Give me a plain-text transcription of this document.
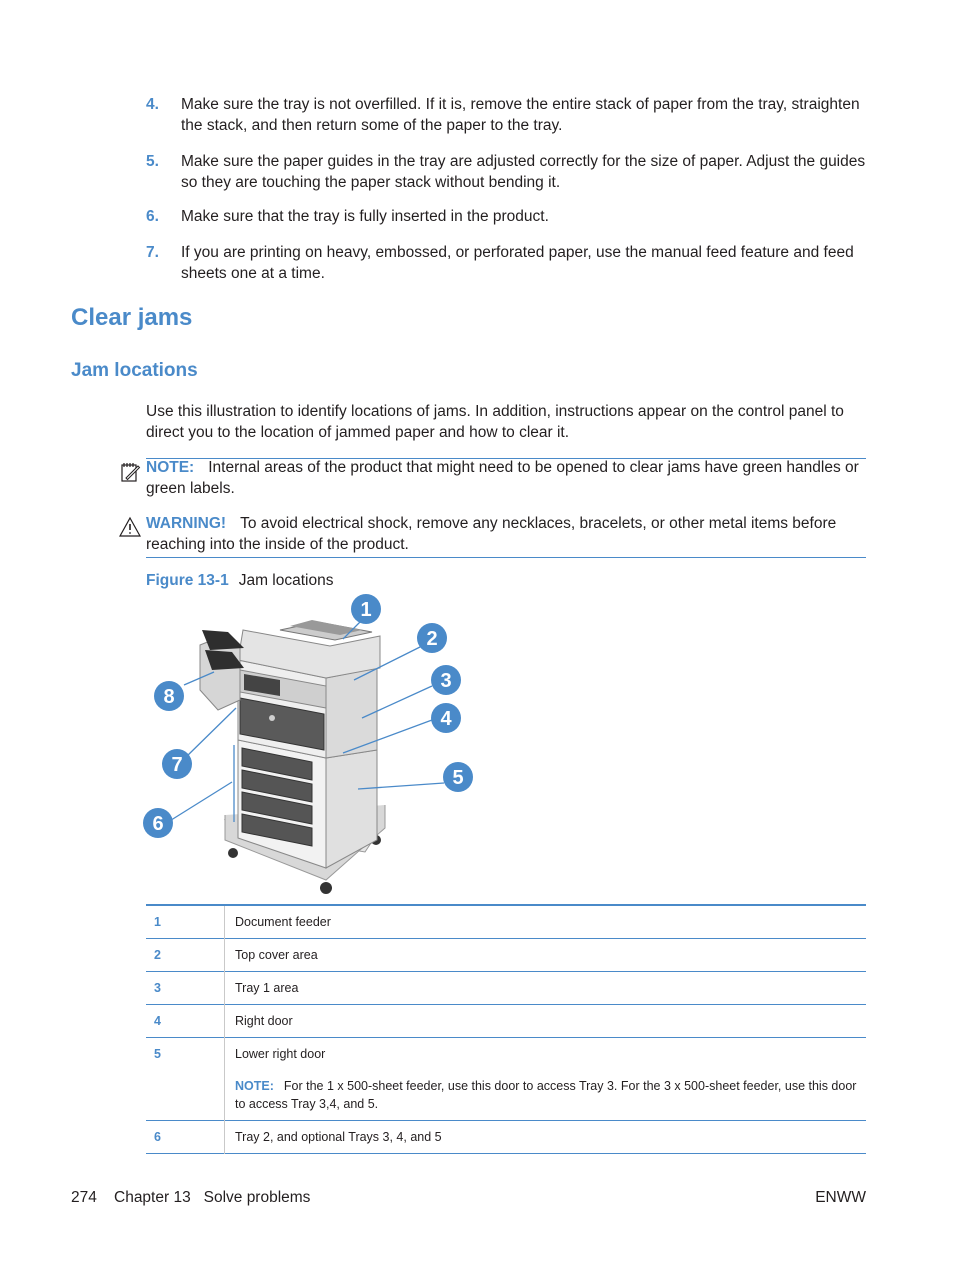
4. Make sure the tray is not overfilled. If it is, remove the entire stack of paper from the tray, straighten the stack, and then return some of the paper to the tray.
5. Make sure the paper guides in the tray are adjusted correctly for the size of paper. Adjust the guides so they are touching the paper stack without bending it.
6. Make sure that the tray is fully inserted in the product.
7. If you are printing on heavy, embossed, or perforated paper, use the manual feed feature and feed sheets one at a time.
Clear jams
Jam locations

Use this illustration to identify locations of jams. In addition, instructions appear on the control panel to direct you to the location of jammed paper and how to clear it.

NOTE: Internal areas of the product that might need to be opened to clear jams have green handles or green labels.
WARNING! To avoid electrical shock, remove any necklaces, bracelets, or other metal items before reaching into the inside of the product.
Figure 13-1 Jam locations
1
2
3
4
5
6
7
8
1	Document feeder
2	Top cover area
3	Tray 1 area
4	Right door
5	Lower right door
NOTE: For the 1 x 500-sheet feeder, use this door to access Tray 3. For the 3 x 500-sheet feeder, use this door to access Tray 3,4, and 5.

6	Tray 2, and optional Trays 3, 4, and 5
274 Chapter 13   Solve problems	ENWW
